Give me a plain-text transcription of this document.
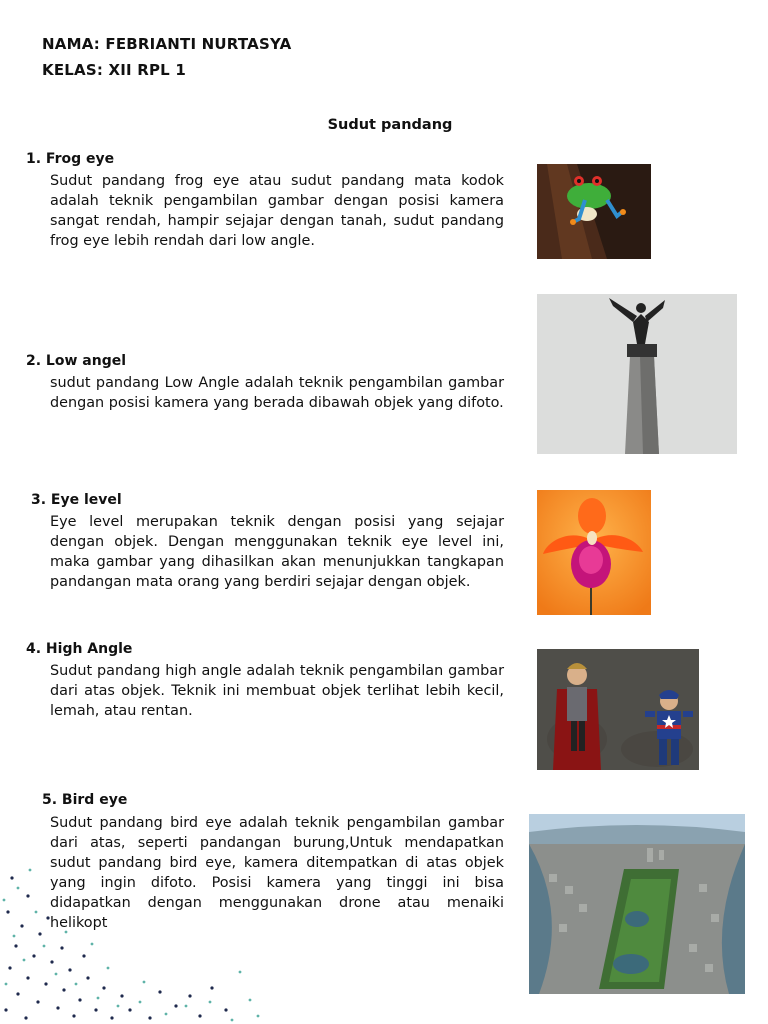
NAMA: FEBRIANTI NURTASYA
KELAS: XII RPL 1
Sudut pandang
1. Frog eye
Sudut pandang frog eye atau sudut pandang mata kodok adalah teknik pengambilan gambar dengan posisi kamera sangat rendah, hampir sejajar dengan tanah, sudut pandang frog eye lebih rendah dari low angle.
2. Low angel
sudut pandang Low Angle adalah teknik pengambilan gambar dengan posisi kamera yang berada dibawah objek yang difoto.
3. Eye level
Eye level merupakan teknik dengan posisi yang sejajar dengan objek. Dengan menggunakan teknik eye level ini, maka gambar yang dihasilkan akan menunjukkan tangkapan pandangan mata orang yang berdiri sejajar dengan objek.
4. High Angle
Sudut pandang high angle adalah teknik pengambilan gambar dari atas objek. Teknik ini membuat objek terlihat lebih kecil, lemah, atau rentan.
5. Bird eye
Sudut pandang bird eye adalah teknik pengambilan gambar dari atas, seperti pandangan burung,Untuk mendapatkan sudut pandang bird eye, kamera ditempatkan di atas objek yang ingin difoto. Posisi kamera yang tinggi ini bisa didapatkan dengan menggunakan drone atau menaiki helikopt
